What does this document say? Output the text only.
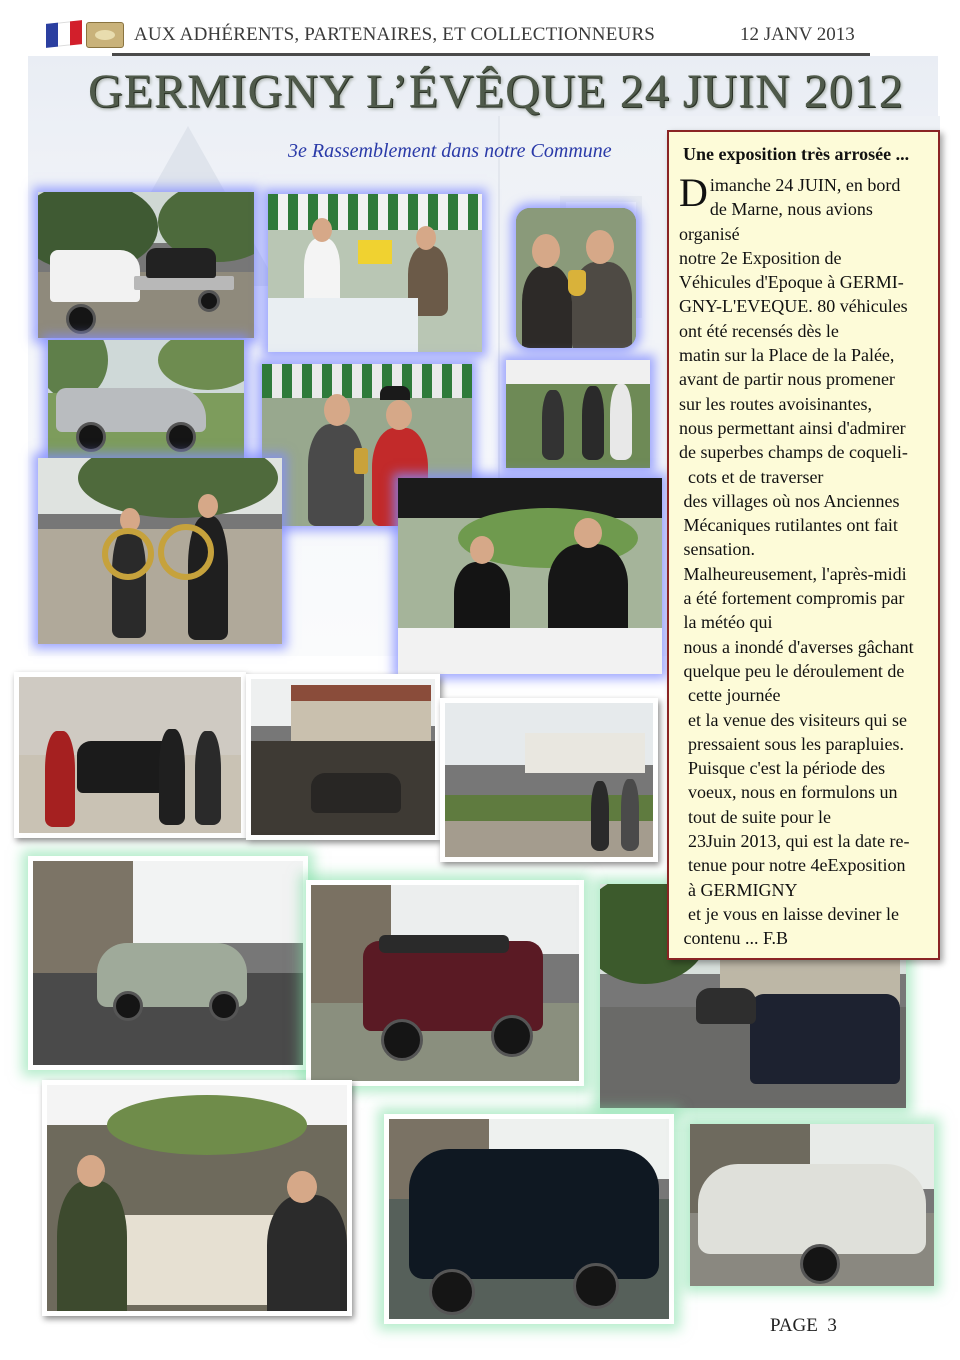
AUX ADHÉRENTS, PARTENAIRES, ET COLLECTIONNEURS	12 JANV 2013
GERMIGNY L’ÉVÊQUE 24 JUIN 2012
3e Rassemblement dans notre Commune	Une exposition très arrosée ...

D imanche 24 JUIN, en bord
de Marne, nous avions organisé
notre 2e Exposition de
Véhicules d'Epoque à GERMI-
GNY-L'EVEQUE. 80 véhicules
ont été recensés dès le
matin sur la Place de la Palée,
avant de partir nous promener
sur les routes avoisinantes,
nous permettant ainsi d'admirer
de superbes champs de coqueli-
cots et de traverser
des villages où nos Anciennes
Mécaniques rutilantes ont fait
sensation.
Malheureusement, l'après-midi
a été fortement compromis par
la météo qui
nous a inondé d'averses gâchant
quelque peu le déroulement de
cette journée
et la venue des visiteurs qui se
pressaient sous les parapluies.
Puisque c'est la période des
voeux, nous en formulons un
tout de suite pour le
23Juin 2013, qui est la date re-
tenue pour notre 4eExposition
à GERMIGNY
et je vous en laisse deviner le
contenu ... F.B

PAGE  3
